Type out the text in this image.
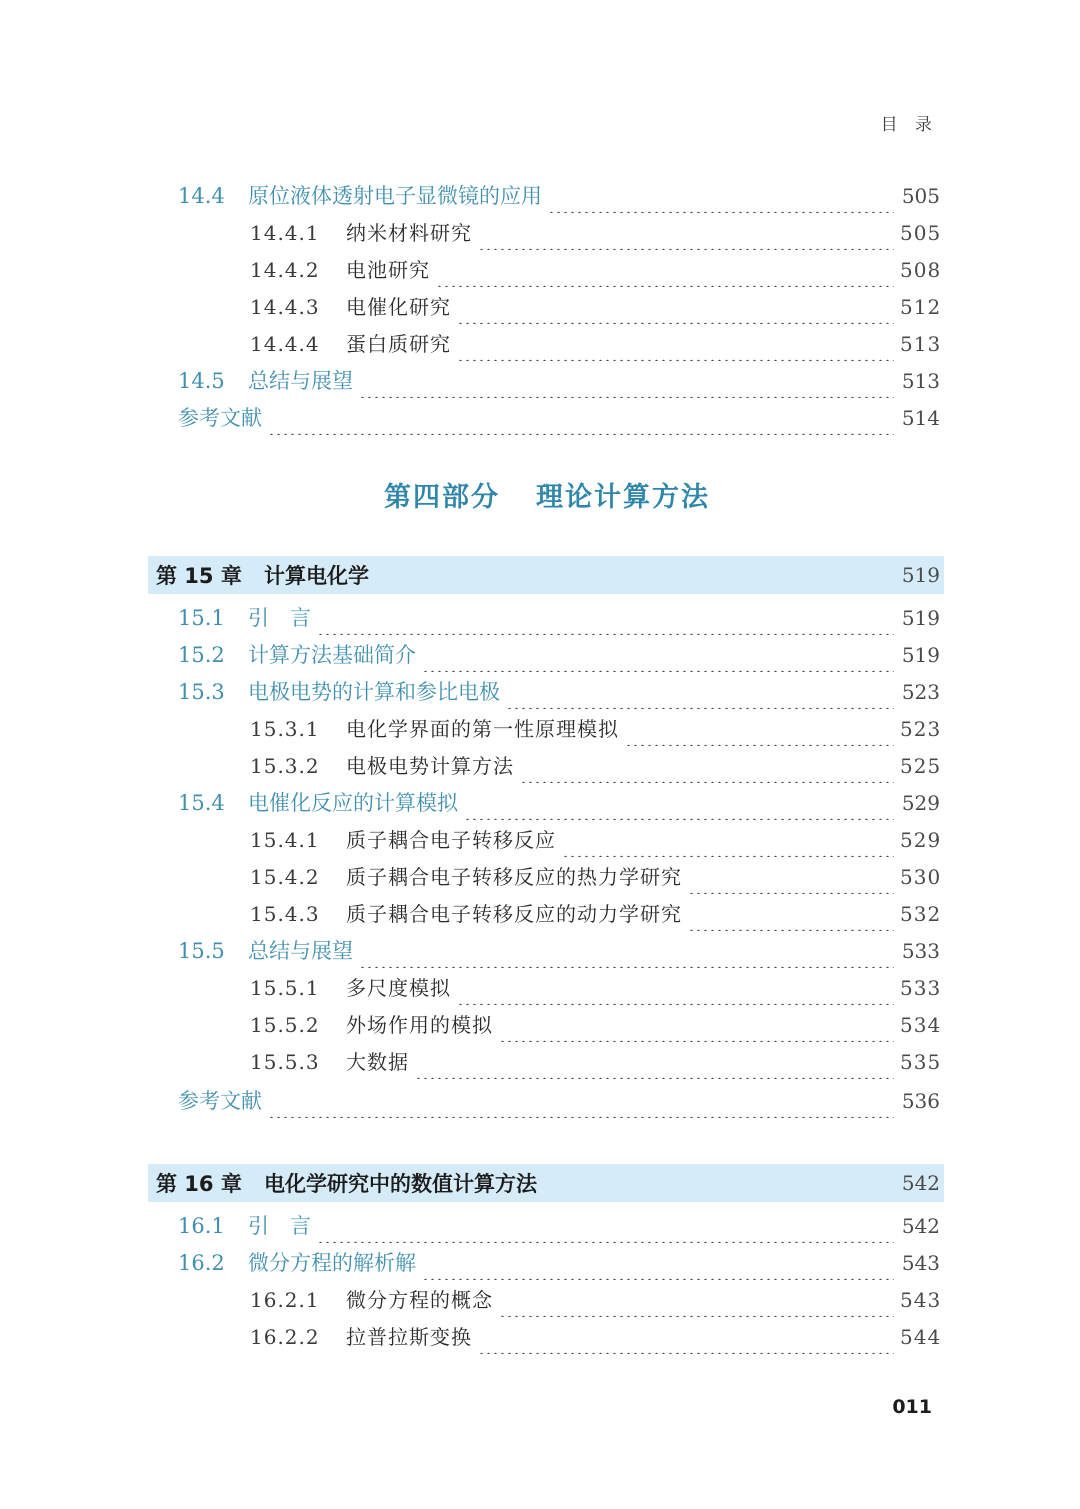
目 录
14.4	原位液体透射电子显微镜的应用	505
14.4.1	纳米材料研究	505
14.4.2	电池研究	508
14.4.3	电催化研究	512
14.4.4	蛋白质研究	513
14.5	总结与展望	513
参考文献	514
第四部分 理论计算方法
第 15 章	计算电化学	519
15.1	引　言	519
15.2	计算方法基础简介	519
15.3	电极电势的计算和参比电极	523
15.3.1	电化学界面的第一性原理模拟	523
15.3.2	电极电势计算方法	525
15.4	电催化反应的计算模拟	529
15.4.1	质子耦合电子转移反应	529
15.4.2	质子耦合电子转移反应的热力学研究	530
15.4.3	质子耦合电子转移反应的动力学研究	532
15.5	总结与展望	533
15.5.1	多尺度模拟	533
15.5.2	外场作用的模拟	534
15.5.3	大数据	535
参考文献	536
第 16 章	电化学研究中的数值计算方法	542
16.1	引　言	542
16.2	微分方程的解析解	543
16.2.1	微分方程的概念	543
16.2.2	拉普拉斯变换	544
011
